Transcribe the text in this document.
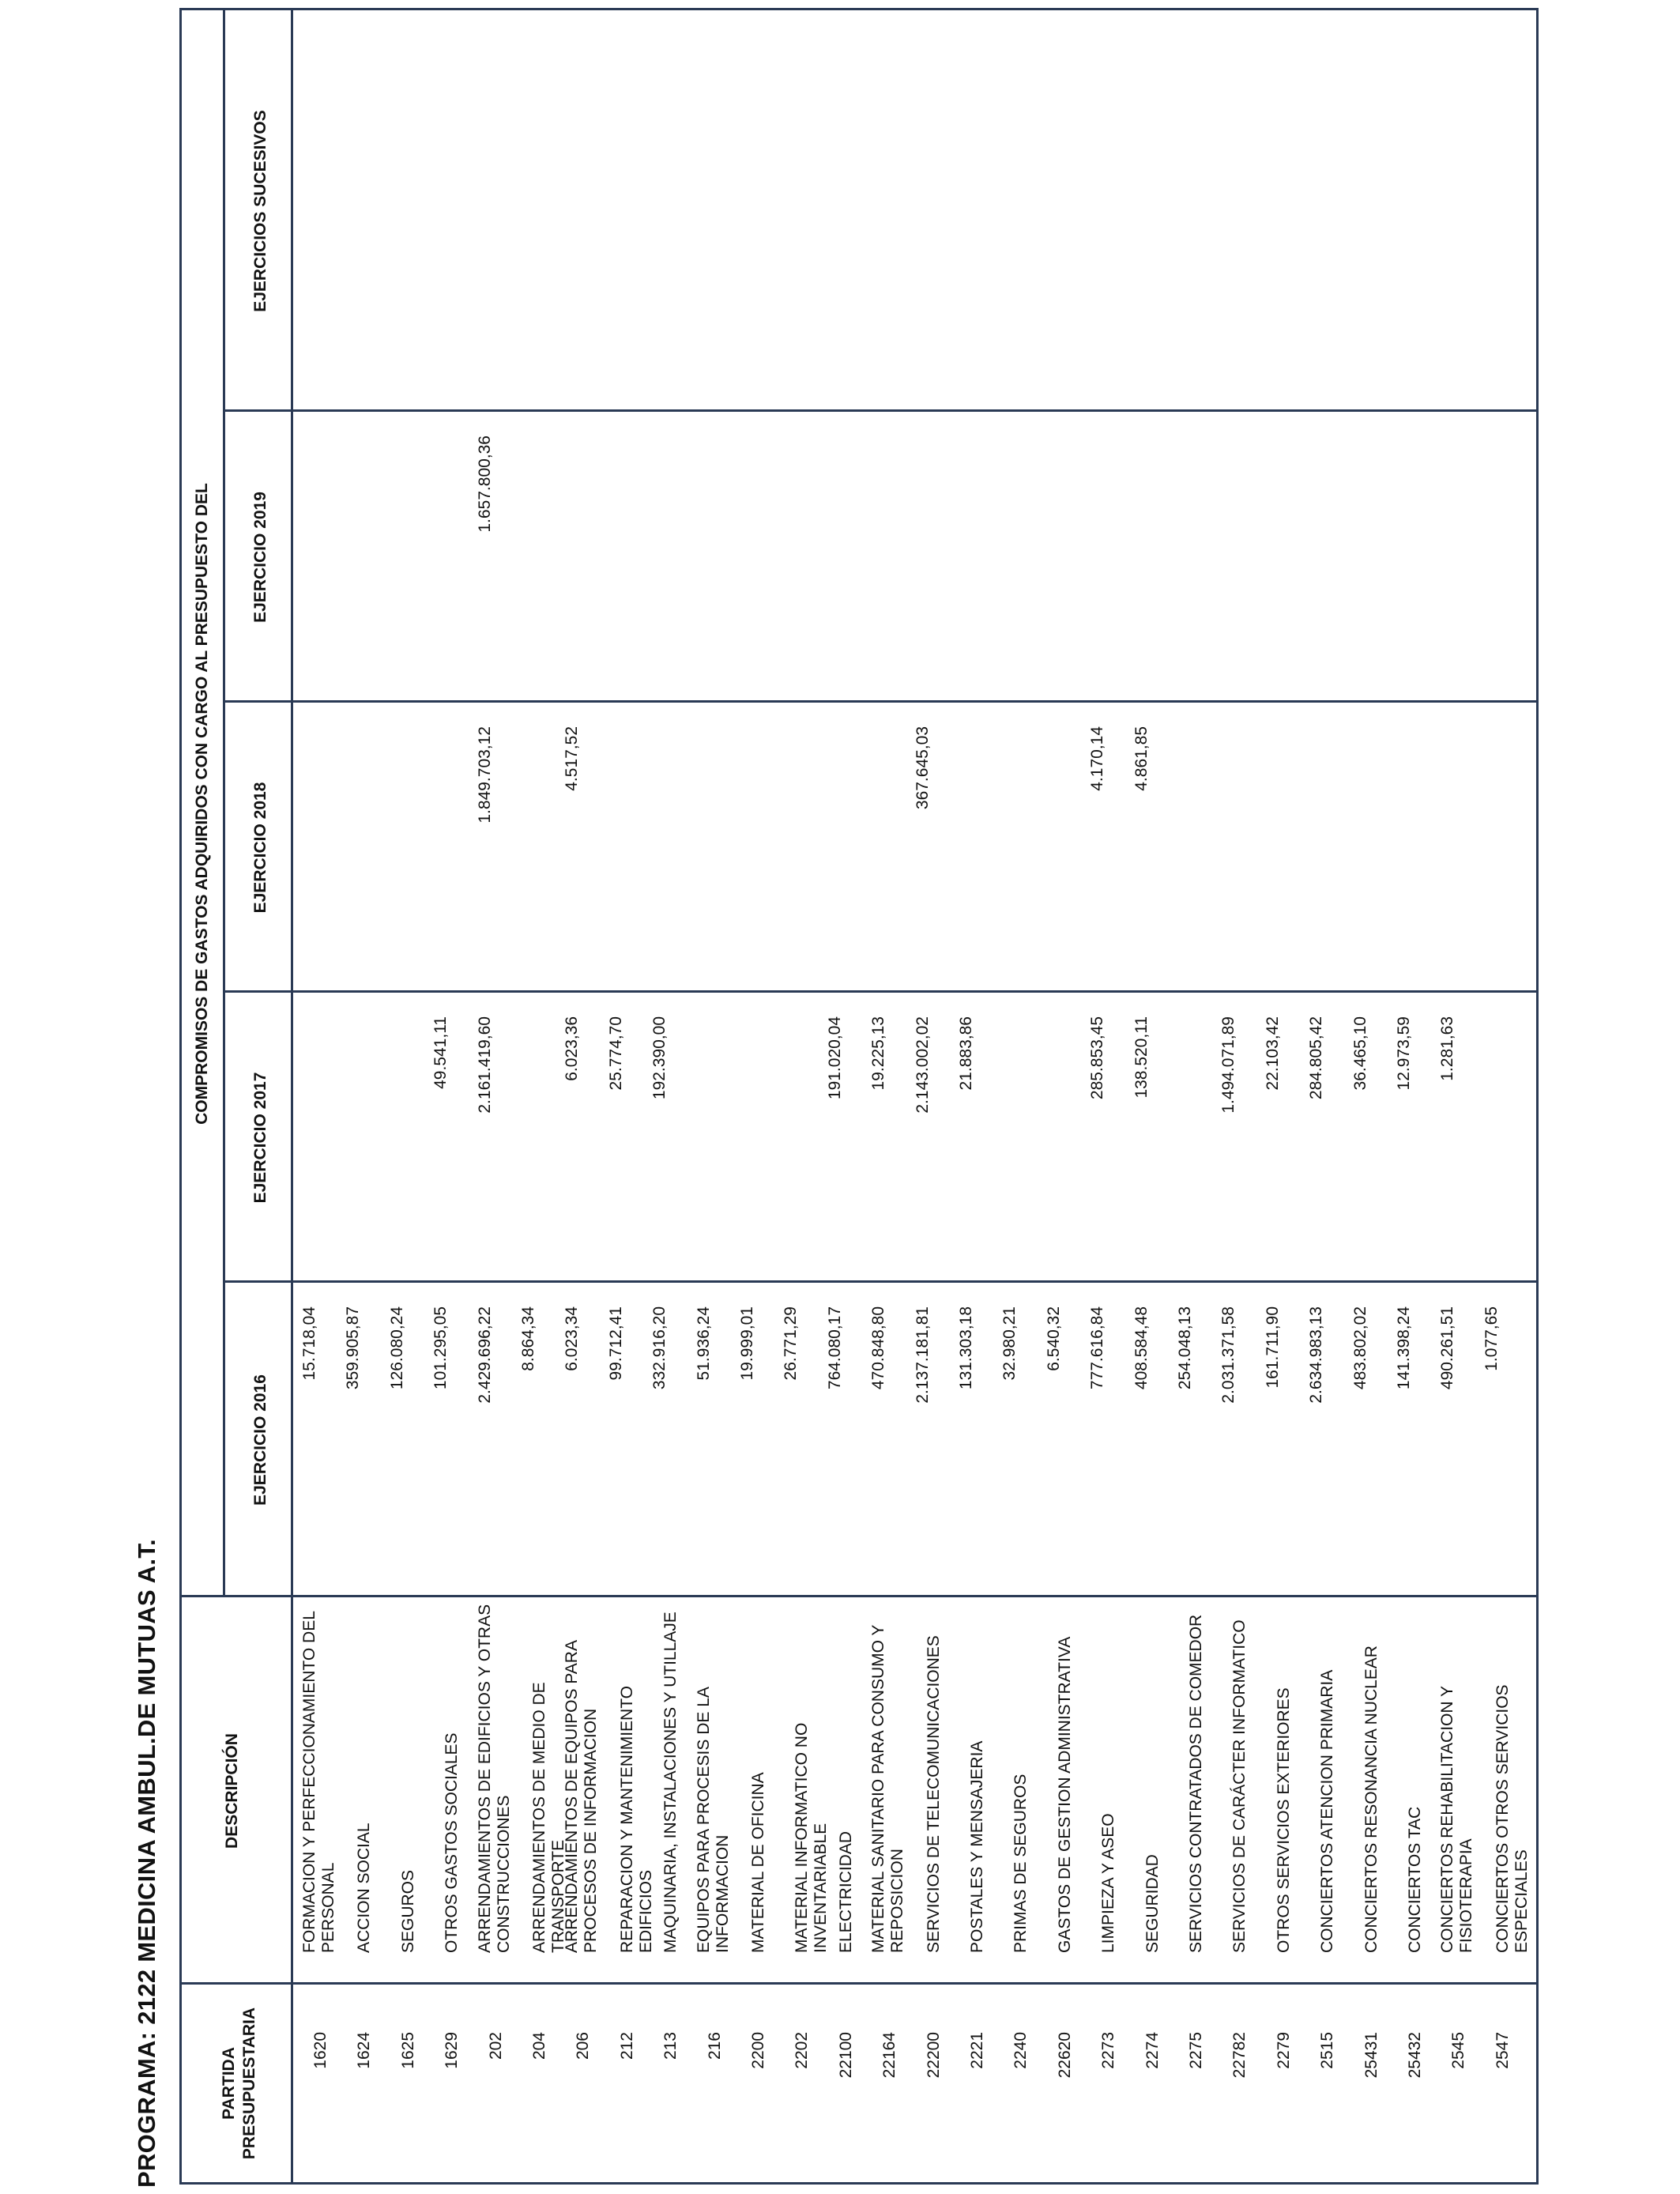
PROGRAMA: 2122 MEDICINA AMBUL.DE MUTUAS A.T.	PARTIDA PRESUPUESTARIA
DESCRIPCIÓN
COMPROMISOS DE GASTOS ADQUIRIDOS CON CARGO AL PRESUPUESTO DEL
EJERCICIO 2016
EJERCICIO 2017
EJERCICIO 2018
EJERCICIO 2019
EJERCICIOS SUCESIVOS
1620
FORMACION Y PERFECCIONAMIENTO DEL PERSONAL
15.718,04
1624
ACCION SOCIAL
359.905,87
1625
SEGUROS
126.080,24
1629
OTROS GASTOS SOCIALES
101.295,05
49.541,11
202
ARRENDAMIENTOS DE EDIFICIOS Y OTRAS CONSTRUCCIONES
2.429.696,22
2.161.419,60
1.849.703,12
1.657.800,36
204
ARRENDAMIENTOS DE MEDIO DE TRANSPORTE
8.864,34
206
ARRENDAMIENTOS DE EQUIPOS PARA PROCESOS DE INFORMACION
6.023,34
6.023,36
4.517,52
212
REPARACION Y MANTENIMIENTO EDIFICIOS
99.712,41
25.774,70
213
MAQUINARIA, INSTALACIONES Y UTILLAJE
332.916,20
192.390,00
216
EQUIPOS PARA PROCESIS DE LA INFORMACION
51.936,24
2200
MATERIAL DE OFICINA
19.999,01
2202
MATERIAL INFORMATICO NO INVENTARIABLE
26.771,29
22100
ELECTRICIDAD
764.080,17
191.020,04
22164
MATERIAL SANITARIO PARA CONSUMO Y REPOSICION
470.848,80
19.225,13
22200
SERVICIOS DE TELECOMUNICACIONES
2.137.181,81
2.143.002,02
367.645,03
2221
POSTALES Y MENSAJERIA
131.303,18
21.883,86
2240
PRIMAS DE SEGUROS
32.980,21
22620
GASTOS DE GESTION ADMINISTRATIVA
6.540,32
2273
LIMPIEZA Y ASEO
777.616,84
285.853,45
4.170,14
2274
SEGURIDAD
408.584,48
138.520,11
4.861,85
2275
SERVICIOS CONTRATADOS DE COMEDOR
254.048,13
22782
SERVICIOS DE CARÁCTER INFORMATICO
2.031.371,58
1.494.071,89
2279
OTROS SERVICIOS EXTERIORES
161.711,90
22.103,42
2515
CONCIERTOS ATENCION PRIMARIA
2.634.983,13
284.805,42
25431
CONCIERTOS RESONANCIA NUCLEAR
483.802,02
36.465,10
25432
CONCIERTOS TAC
141.398,24
12.973,59
2545
CONCIERTOS REHABILITACION Y FISIOTERAPIA
490.261,51
1.281,63
2547
CONCIERTOS OTROS SERVICIOS ESPECIALES
1.077,65
